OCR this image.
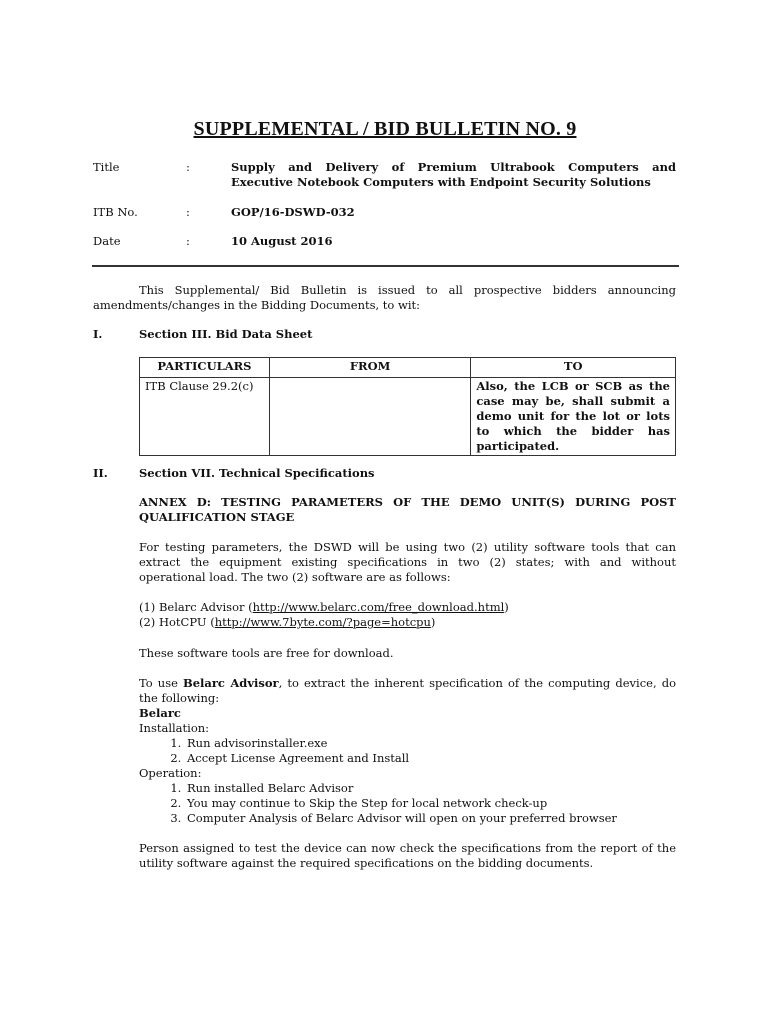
SUPPLEMENTAL / BID BULLETIN NO. 9
Title	:	Supply and Delivery of Premium Ultrabook Computers and Executive Notebook Computers with Endpoint Security Solutions
ITB No.	:	GOP/16-DSWD-032
Date	:	10 August 2016
This Supplemental/ Bid Bulletin is issued to all prospective bidders announcing amendments/changes in the Bidding Documents, to wit:
I.	Section III. Bid Data Sheet
PARTICULARS	FROM	TO
ITB Clause 29.2(c)		Also, the LCB or SCB as the case may be, shall submit a demo unit for the lot or lots to which the bidder has participated.
II.	Section VII. Technical Specifications
ANNEX D: TESTING PARAMETERS OF THE DEMO UNIT(S) DURING POST QUALIFICATION STAGE
For testing parameters, the DSWD will be using two (2) utility software tools that can extract the equipment existing specifications in two (2) states; with and without operational load. The two (2) software are as follows:
(1) Belarc Advisor (http://www.belarc.com/free_download.html)
(2) HotCPU (http://www.7byte.com/?page=hotcpu)
These software tools are free for download.
To use Belarc Advisor, to extract the inherent specification of the computing device, do the following:
Belarc
Installation:
1. Run advisorinstaller.exe
2. Accept License Agreement and Install
Operation:
1. Run installed Belarc Advisor
2. You may continue to Skip the Step for local network check-up
3. Computer Analysis of Belarc Advisor will open on your preferred browser
Person assigned to test the device can now check the specifications from the report of the utility software against the required specifications on the bidding documents.
